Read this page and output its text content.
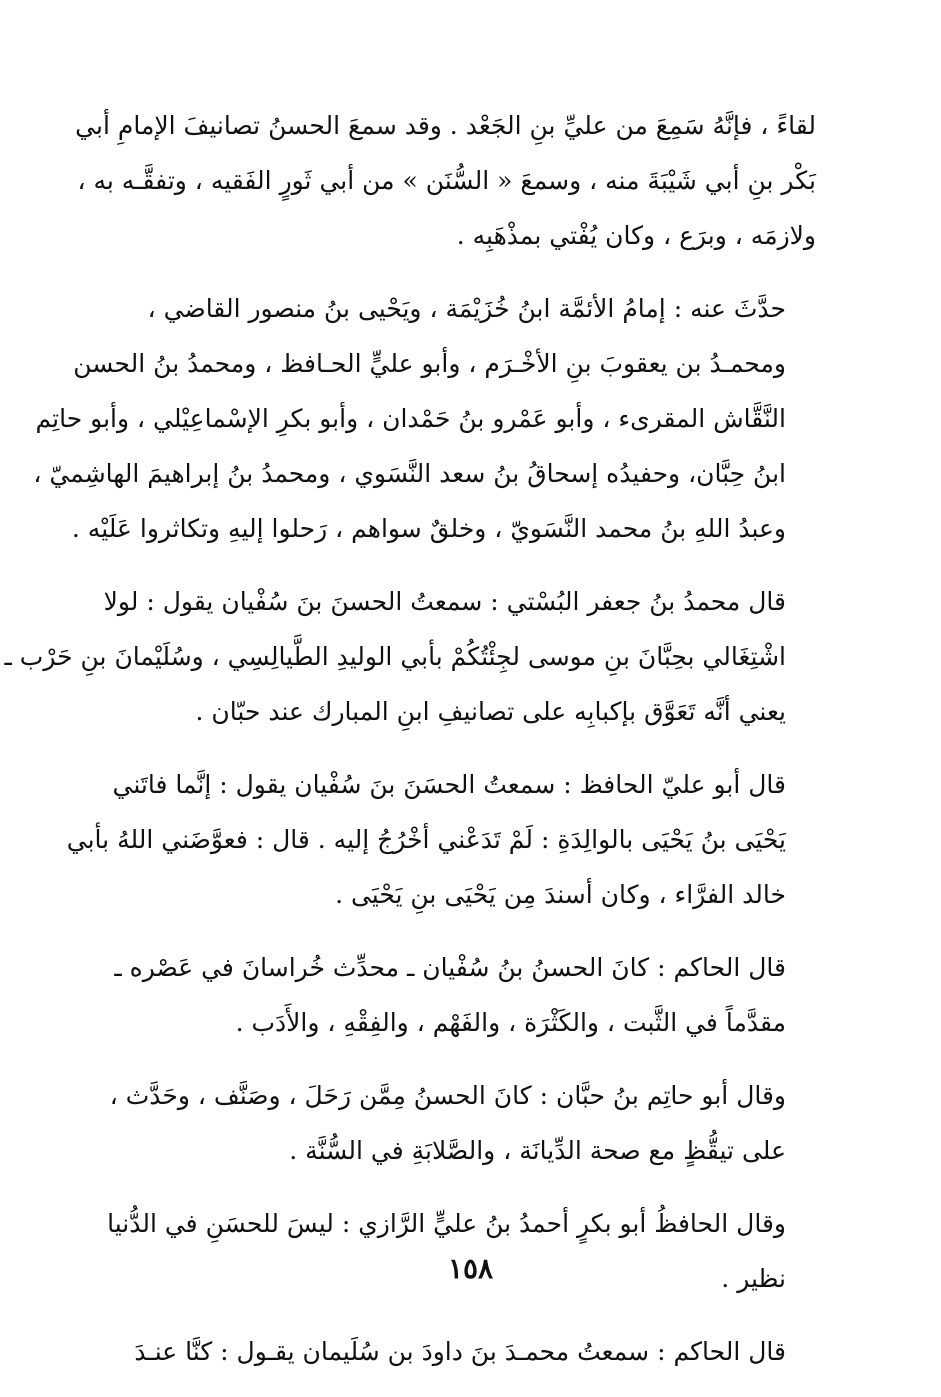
لقاءً ، فإنَّهُ سَمِعَ من عليِّ بنِ الجَعْد . وقد سمعَ الحسنُ تصانيفَ الإمامِ أبي
بَكْر بنِ أبي شَيْبَةَ منه ، وسمعَ « السُّنَن » من أبي ثَورٍ الفَقيه ، وتفقَّـه به ،
ولازمَه ، وبرَع ، وكان يُفْتي بمذْهَبِه .

حدَّثَ عنه : إمامُ الأئمَّة ابنُ خُزَيْمَة ، ويَحْيى بنُ منصور القاضي ،
ومحمـدُ بن يعقوبَ بنِ الأخْـرَم ، وأبو عليٍّ الحـافظ ، ومحمدُ بنُ الحسن
النَّقَّاش المقرىء ، وأبو عَمْرو بنُ حَمْدان ، وأبو بكرِ الإسْماعِيْلي ، وأبو حاتِم
ابنُ حِبَّان، وحفيدُه إسحاقُ بنُ سعد النَّسَوي ، ومحمدُ بنُ إبراهيمَ الهاشِميّ ،
وعبدُ اللهِ بنُ محمد النَّسَويّ ، وخلقٌ سواهم ، رَحلوا إليهِ وتكاثروا عَلَيْه .

قال محمدُ بنُ جعفر البُسْتي : سمعتُ الحسنَ بنَ سُفْيان يقول : لولا
اشْتِغَالي بحِبَّانَ بنِ موسى لجِئْتُكُمْ بأبي الوليدِ الطَّيالِسِي ، وسُلَيْمانَ بنِ حَرْب ـ
يعني أنَّه تَعَوَّق بإكبابِه على تصانيفِ ابنِ المبارك عند حبّان .

قال أبو عليّ الحافظ : سمعتُ الحسَنَ بنَ سُفْيان يقول : إنَّما فاتَني
يَحْيَى بنُ يَحْيَى بالوالِدَةِ : لَمْ تَدَعْني أخْرُجُ إليه . قال : فعوَّضَني اللهُ بأبي
خالد الفرَّاء ، وكان أسندَ مِن يَحْيَى بنِ يَحْيَى .

قال الحاكم : كانَ الحسنُ بنُ سُفْيان ـ محدِّث خُراسانَ في عَصْره ـ
مقدَّماً في الثَّبت ، والكَثْرَة ، والفَهْم ، والفِقْهِ ، والأَدَب .

وقال أبو حاتِم بنُ حبَّان : كانَ الحسنُ مِمَّن رَحَلَ ، وصَنَّف ، وحَدَّث ،
على تيقُّظٍ مع صحة الدِّيانَة ، والصَّلابَةِ في السُّنَّة .

وقال الحافظُ أبو بكرٍ أحمدُ بنُ عليٍّ الرَّازي : ليسَ للحسَنِ في الدُّنيا
نظير .

قال الحاكم : سمعتُ محمـدَ بنَ داودَ بن سُلَيمان يقـول : كنَّا عنـدَ

١٥٨
